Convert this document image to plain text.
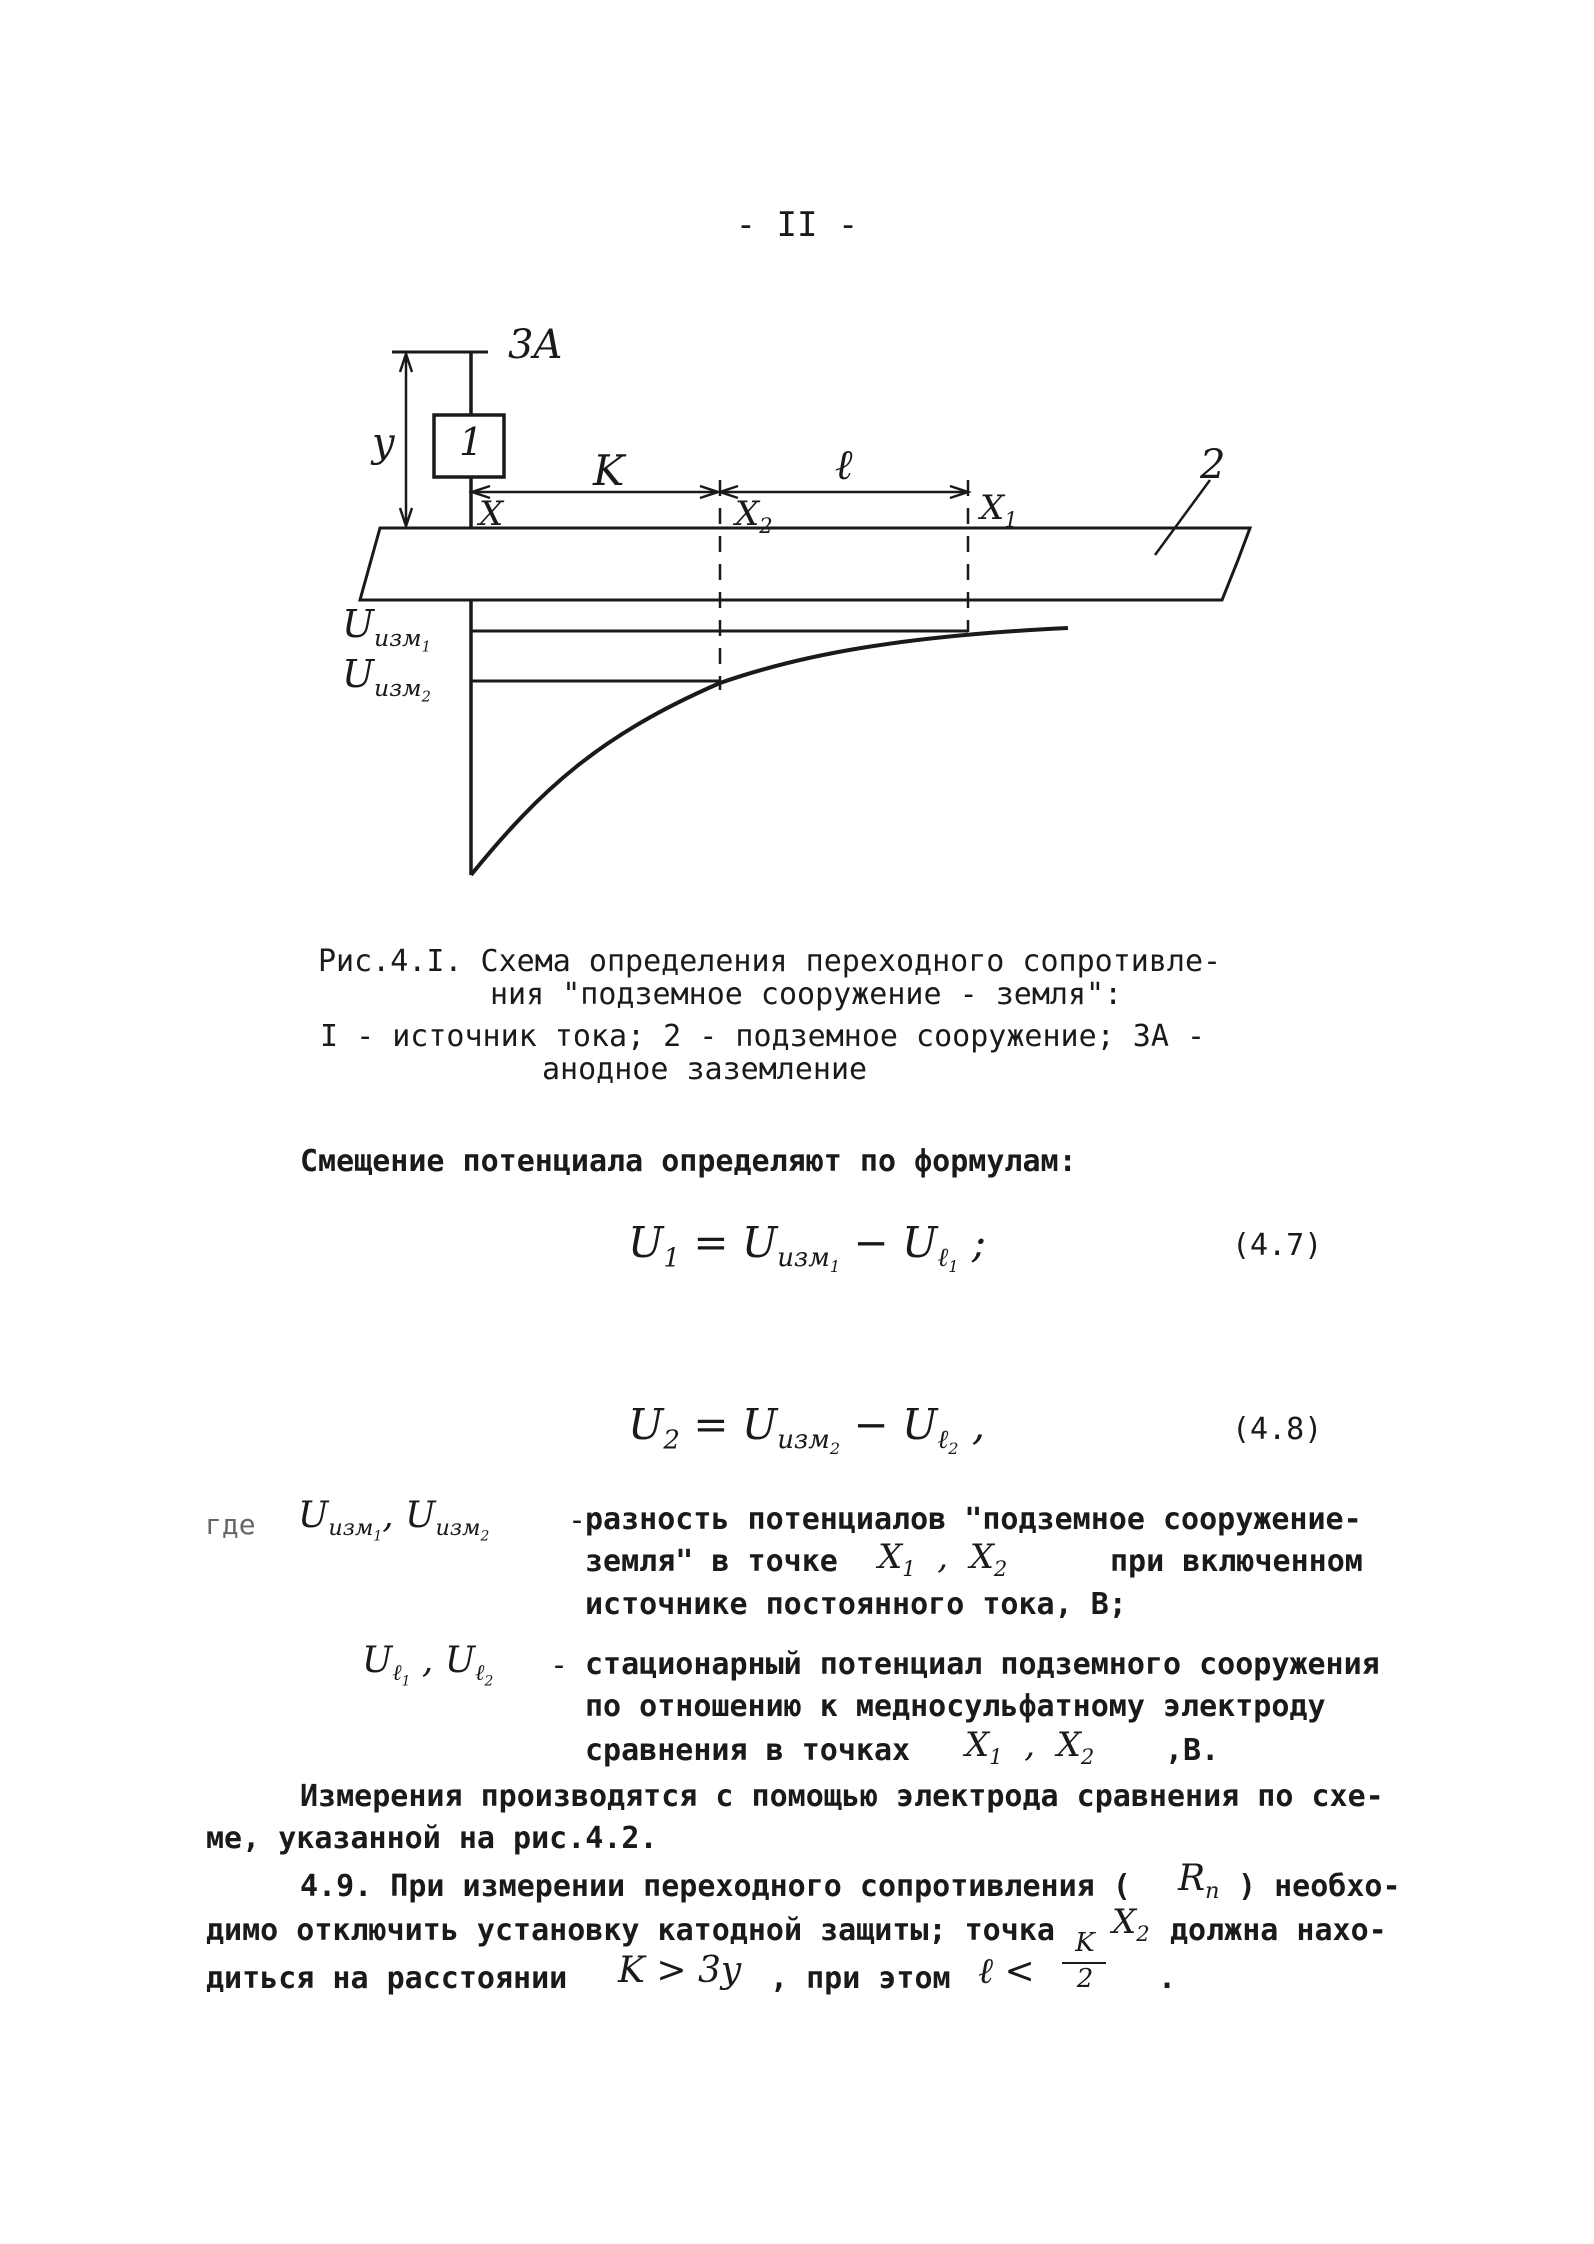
- II -
3A
1	2
y
K	ℓ
X	$X_2$	$X_1$
$U_{изм_1}$
$U_{изм_2}$
Рис.4.I. Схема определения переходного сопротивле-
ния "подземное сооружение - земля":
I - источник тока; 2 - подземное сооружение; 3А -
анодное заземление
Смещение потенциала определяют по формулам:
$U_1 = U_{изм_1} - U_{\ell_1}$ ;	(4.7)
$U_2 = U_{изм_2} - U_{\ell_2}$ ,	(4.8)
где $U_{изм_1}$, $U_{изм_2}$	-
разность потенциалов "подземное сооружение-
земля" в точке $X_1$ , $X_2$	при включенном
источнике постоянного тока, В;
$U_{\ell_1}$ , $U_{\ell_2}$ - стационарный потенциал подземного сооружения
по отношению к медносульфатному электроду
сравнения в точках $X_1$ , $X_2$ ,В.
Измерения производятся с помощью электрода сравнения по схе-
ме, указанной на рис.4.2.
4.9. При измерении переходного сопротивления ( $R_п$ ) необхо-
димо отключить установку катодной защиты; точка $X_2$ должна нахо-
диться на расстоянии K > 3y , при этом ℓ <
K
2	.
